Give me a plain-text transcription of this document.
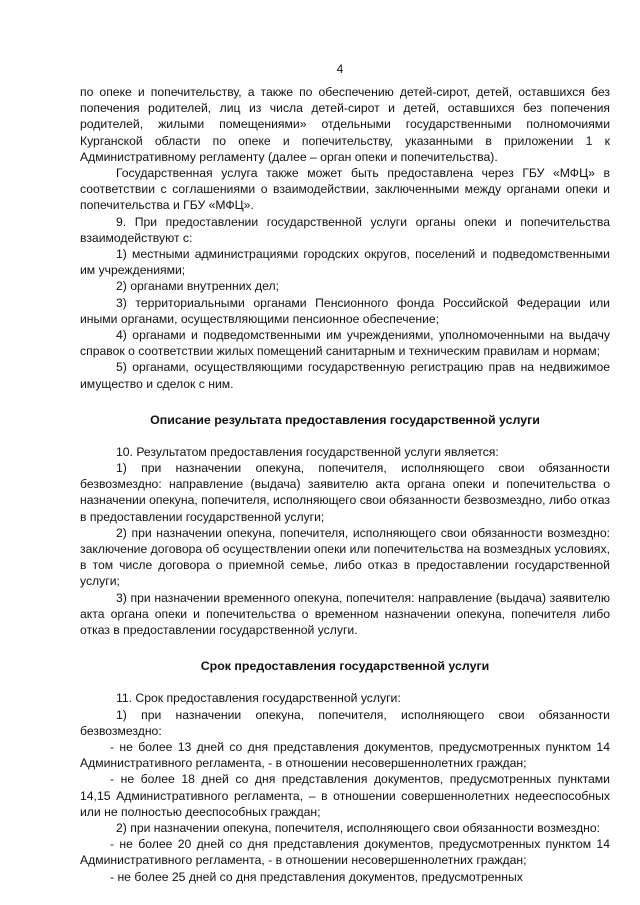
4

по опеке и попечительству, а также по обеспечению детей-сирот, детей, оставшихся без попечения родителей, лиц из числа детей-сирот и детей, оставшихся без попечения родителей, жилыми помещениями» отдельными государственными полномочиями Курганской области по опеке и попечительству, указанными в приложении 1 к Административному регламенту (далее – орган опеки и попечительства).

Государственная услуга также может быть предоставлена через ГБУ «МФЦ» в соответствии с соглашениями о взаимодействии, заключенными между органами опеки и попечительства и ГБУ «МФЦ».

9. При предоставлении государственной услуги органы опеки и попечительства взаимодействуют с:

1) местными администрациями городских округов, поселений и подведомственными им учреждениями;

2) органами внутренних дел;

3) территориальными органами Пенсионного фонда Российской Федерации или иными органами, осуществляющими пенсионное обеспечение;

4) органами и подведомственными им учреждениями, уполномоченными на выдачу справок о соответствии жилых помещений санитарным и техническим правилам и нормам;

5) органами, осуществляющими государственную регистрацию прав на недвижимое имущество и сделок с ним.

Описание результата предоставления государственной услуги

10. Результатом предоставления государственной услуги является:

1) при назначении опекуна, попечителя, исполняющего свои обязанности безвозмездно: направление (выдача) заявителю акта органа опеки и попечительства о назначении опекуна, попечителя, исполняющего свои обязанности безвозмездно, либо отказ в предоставлении государственной услуги;

2) при назначении опекуна, попечителя, исполняющего свои обязанности возмездно: заключение договора об осуществлении опеки или попечительства на возмездных условиях, в том числе договора о приемной семье, либо отказ в предоставлении государственной услуги;

3) при назначении временного опекуна, попечителя: направление (выдача) заявителю акта органа опеки и попечительства о временном назначении опекуна, попечителя либо отказ в предоставлении государственной услуги.

Срок предоставления государственной услуги

11. Срок предоставления государственной услуги:

1) при назначении опекуна, попечителя, исполняющего свои обязанности безвозмездно:

- не более 13 дней со дня представления документов, предусмотренных пунктом 14 Административного регламента, - в отношении несовершеннолетних граждан;

- не более 18 дней со дня представления документов, предусмотренных пунктами 14,15 Административного регламента, – в отношении совершеннолетних недееспособных или не полностью дееспособных граждан;

2) при назначении опекуна, попечителя, исполняющего свои обязанности возмездно:

- не более 20 дней со дня представления документов, предусмотренных пунктом 14 Административного регламента, - в отношении несовершеннолетних граждан;

- не более 25 дней со дня представления документов, предусмотренных
